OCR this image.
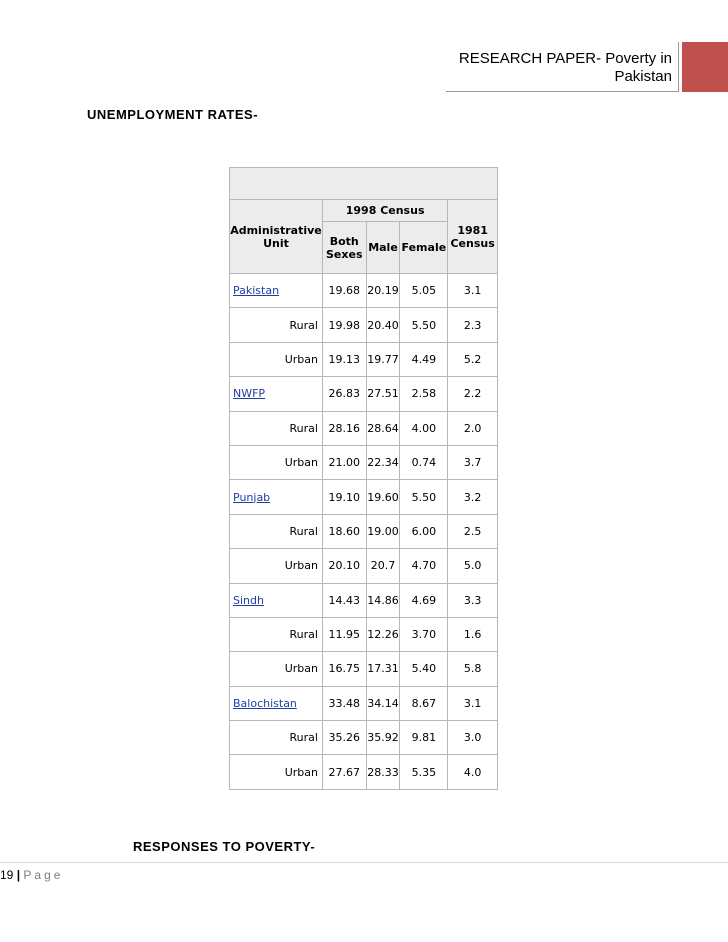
RESEARCH PAPER- Poverty in Pakistan
UNEMPLOYMENT RATES-

Administrative Unit	1998 Census			1981 Census
	Both Sexes	Male	Female	
Pakistan	19.68	20.19	5.05	3.1
Rural	19.98	20.40	5.50	2.3
Urban	19.13	19.77	4.49	5.2
NWFP	26.83	27.51	2.58	2.2
Rural	28.16	28.64	4.00	2.0
Urban	21.00	22.34	0.74	3.7
Punjab	19.10	19.60	5.50	3.2
Rural	18.60	19.00	6.00	2.5
Urban	20.10	20.7	4.70	5.0
Sindh	14.43	14.86	4.69	3.3
Rural	11.95	12.26	3.70	1.6
Urban	16.75	17.31	5.40	5.8
Balochistan	33.48	34.14	8.67	3.1
Rural	35.26	35.92	9.81	3.0
Urban	27.67	28.33	5.35	4.0
RESPONSES TO POVERTY-
19 | Page
